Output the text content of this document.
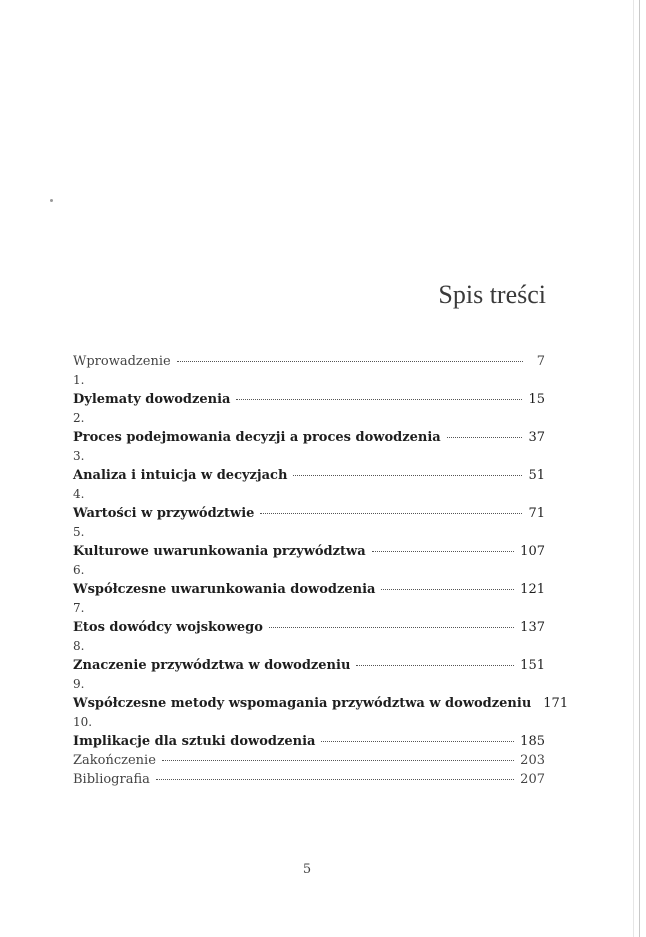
Spis treści
Wprowadzenie	7
1.
Dylematy dowodzenia	15
2.
Proces podejmowania decyzji a proces dowodzenia	37
3.
Analiza i intuicja w decyzjach	51
4.
Wartości w przywództwie	71
5.
Kulturowe uwarunkowania przywództwa	107
6.
Współczesne uwarunkowania dowodzenia	121
7.
Etos dowódcy wojskowego	137
8.
Znaczenie przywództwa w dowodzeniu	151
9.
Współczesne metody wspomagania przywództwa w dowodzeniu 171
10.
Implikacje dla sztuki dowodzenia	185
Zakończenie	203
Bibliografia	207
5
